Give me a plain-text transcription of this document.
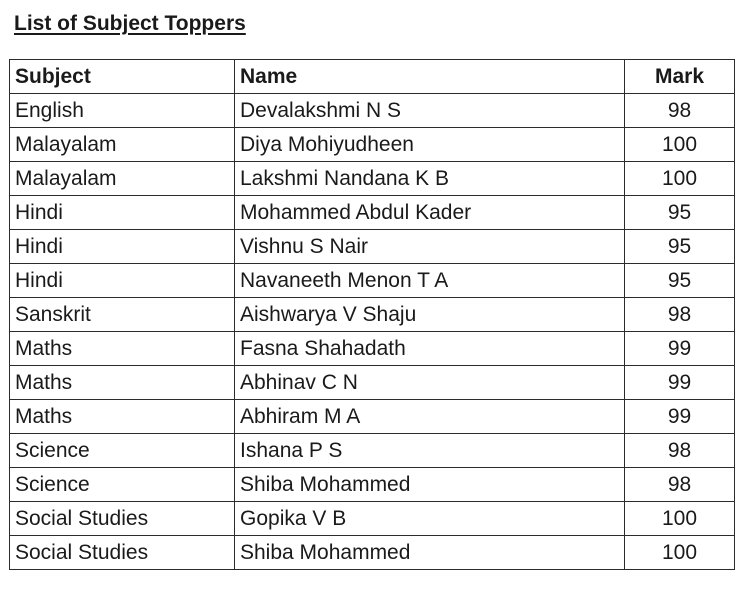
List of Subject Toppers
Subject	Name	Mark
English	Devalakshmi N S	98
Malayalam	Diya Mohiyudheen	100
Malayalam	Lakshmi Nandana K B	100
Hindi	Mohammed Abdul Kader	95
Hindi	Vishnu S Nair	95
Hindi	Navaneeth Menon T A	95
Sanskrit	Aishwarya V Shaju	98
Maths	Fasna Shahadath	99
Maths	Abhinav C N	99
Maths	Abhiram M A	99
Science	Ishana P S	98
Science	Shiba Mohammed	98
Social Studies	Gopika V B	100
Social Studies	Shiba Mohammed	100
